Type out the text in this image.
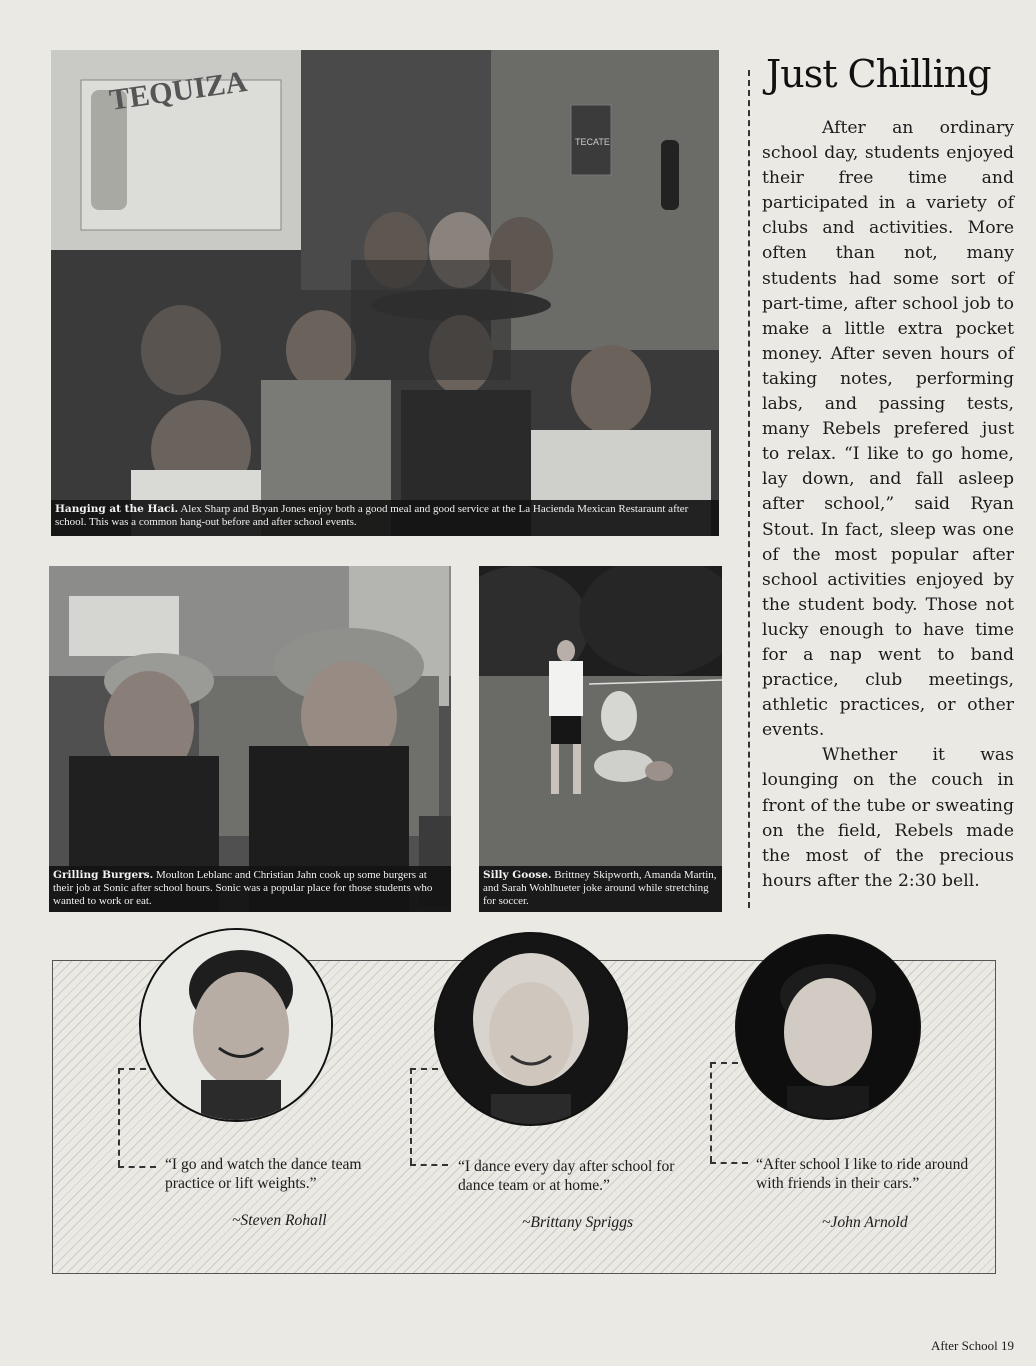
TEQUIZA
TECATE
Hanging at the Haci. Alex Sharp and Bryan Jones enjoy both a good meal and good service at the La Hacienda Mexican Restaraunt after school. This was a common hang-out before and after school events.
Grilling Burgers. Moulton Leblanc and Christian Jahn cook up some burgers at their job at Sonic after school hours. Sonic was a popular place for those students who wanted to work or eat.
Silly Goose. Brittney Skipworth, Amanda Martin, and Sarah Wohlhueter joke around while stretching for soccer.
Just Chilling

After an ordinary school day, students enjoyed their free time and participated in a variety of clubs and activities. More often than not, many students had some sort of part-time, after school job to make a little extra pocket money. After seven hours of taking notes, performing labs, and passing tests, many Rebels prefered just to relax. “I like to go home, lay down, and fall asleep after school,” said Ryan Stout. In fact, sleep was one of the most popular after school activities enjoyed by the student body. Those not lucky enough to have time for a nap went to band practice, club meetings, athletic practices, or other events.

Whether it was lounging on the couch in front of the tube or sweating on the field, Rebels made the most of the precious hours after the 2:30 bell.

“I go and watch the dance team practice or lift weights.”
~Steven Rohall
“I dance every day after school for dance team or at home.”
~Brittany Spriggs
“After school I like to ride around with friends in their cars.”
~John Arnold
After School 19
